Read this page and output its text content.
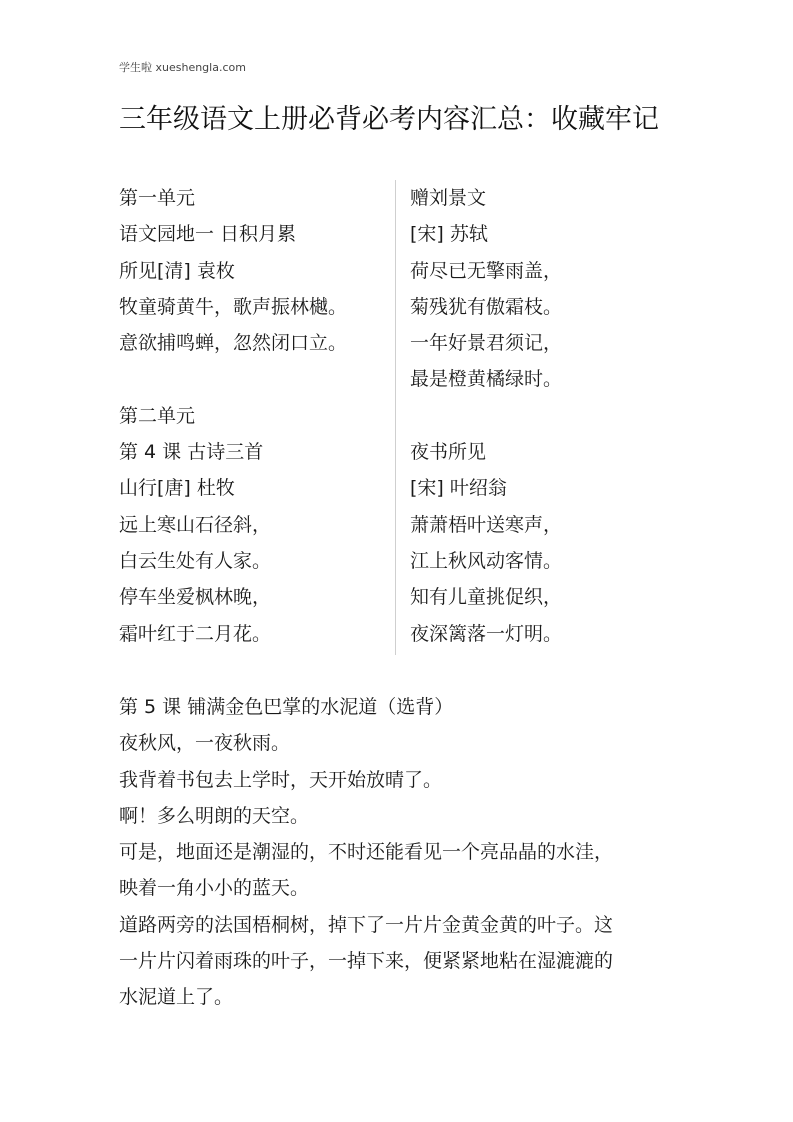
学生啦 xueshengla.com
三年级语文上册必背必考内容汇总：收藏牢记
第一单元
语文园地一 日积月累
所见[清] 袁枚
牧童骑黄牛，歌声振林樾。
意欲捕鸣蝉，忽然闭口立。
第二单元
第 4 课 古诗三首
山行[唐] 杜牧
远上寒山石径斜，
白云生处有人家。
停车坐爱枫林晚，
霜叶红于二月花。
赠刘景文
[宋] 苏轼
荷尽已无擎雨盖，
菊残犹有傲霜枝。
一年好景君须记，
最是橙黄橘绿时。
夜书所见
[宋] 叶绍翁
萧萧梧叶送寒声，
江上秋风动客情。
知有儿童挑促织，
夜深篱落一灯明。
第 5 课 铺满金色巴掌的水泥道（选背）
夜秋风，一夜秋雨。
我背着书包去上学时，天开始放晴了。
啊！多么明朗的天空。
可是，地面还是潮湿的，不时还能看见一个亮品晶的水洼，
映着一角小小的蓝天。
道路两旁的法国梧桐树，掉下了一片片金黄金黄的叶子。这
一片片闪着雨珠的叶子，一掉下来，便紧紧地粘在湿漉漉的
水泥道上了。
